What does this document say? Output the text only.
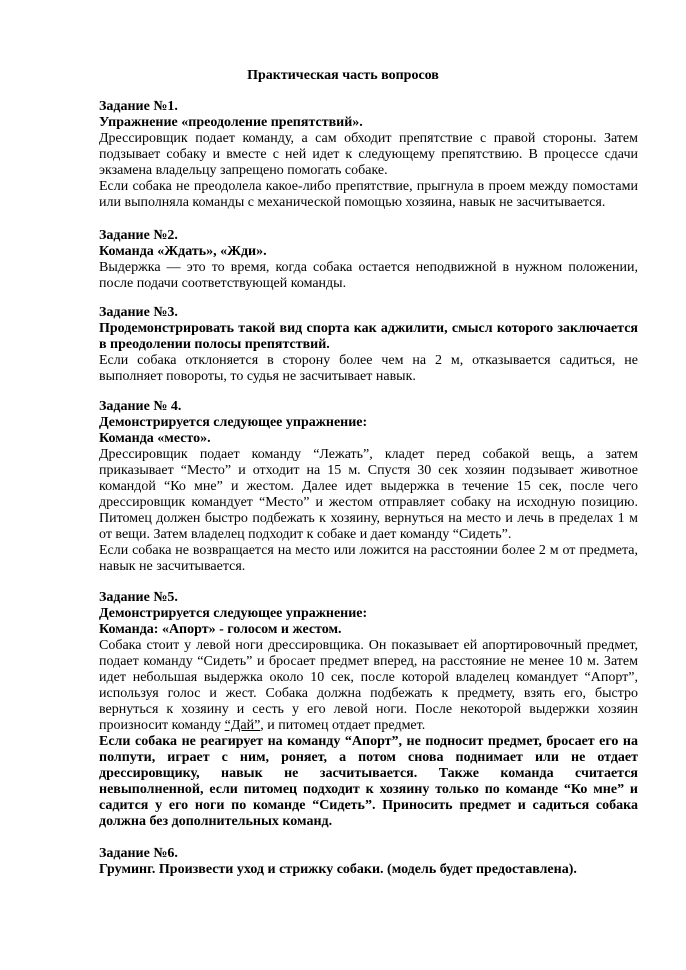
Практическая часть вопросов
Задание №1.
Упражнение «преодоление препятствий».
Дрессировщик подает команду, а сам обходит препятствие с правой стороны. Затем подзывает собаку и вместе с ней идет к следующему препятствию. В процессе сдачи экзамена владельцу запрещено помогать собаке.
Если собака не преодолела какое-либо препятствие, прыгнула в проем между помостами или выполняла команды с механической помощью хозяина, навык не засчитывается.
Задание №2.
Команда «Ждать», «Жди».
Выдержка — это то время, когда собака остается неподвижной в нужном положении, после подачи соответствующей команды.
Задание №3.
Продемонстрировать такой вид спорта как аджилити, смысл которого заключается в преодолении полосы препятствий.
Если собака отклоняется в сторону более чем на 2 м, отказывается садиться, не выполняет повороты, то судья не засчитывает навык.
Задание № 4.
Демонстрируется следующее упражнение:
Команда «место».
Дрессировщик подает команду “Лежать”, кладет перед собакой вещь, а затем приказывает “Место” и отходит на 15 м. Спустя 30 сек хозяин подзывает животное командой “Ко мне” и жестом. Далее идет выдержка в течение 15 сек, после чего дрессировщик командует “Место” и жестом отправляет собаку на исходную позицию. Питомец должен быстро подбежать к хозяину, вернуться на место и лечь в пределах 1 м от вещи. Затем владелец подходит к собаке и дает команду “Сидеть”.
Если собака не возвращается на место или ложится на расстоянии более 2 м от предмета, навык не засчитывается.
Задание №5.
Демонстрируется следующее упражнение:
Команда: «Апорт» - голосом и жестом.
Собака стоит у левой ноги дрессировщика. Он показывает ей апортировочный предмет, подает команду “Сидеть” и бросает предмет вперед, на расстояние не менее 10 м. Затем идет небольшая выдержка около 10 сек, после которой владелец командует “Апорт”, используя голос и жест. Собака должна подбежать к предмету, взять его, быстро вернуться к хозяину и сесть у его левой ноги. После некоторой выдержки хозяин произносит команду “Дай”, и питомец отдает предмет.
Если собака не реагирует на команду “Апорт”, не подносит предмет, бросает его на полпути, играет с ним, роняет, а потом снова поднимает или не отдает дрессировщику, навык не засчитывается. Также команда считается невыполненной, если питомец подходит к хозяину только по команде “Ко мне” и садится у его ноги по команде “Сидеть”. Приносить предмет и садиться собака должна без дополнительных команд.
Задание №6.
Груминг. Произвести уход и стрижку собаки. (модель будет предоставлена).
